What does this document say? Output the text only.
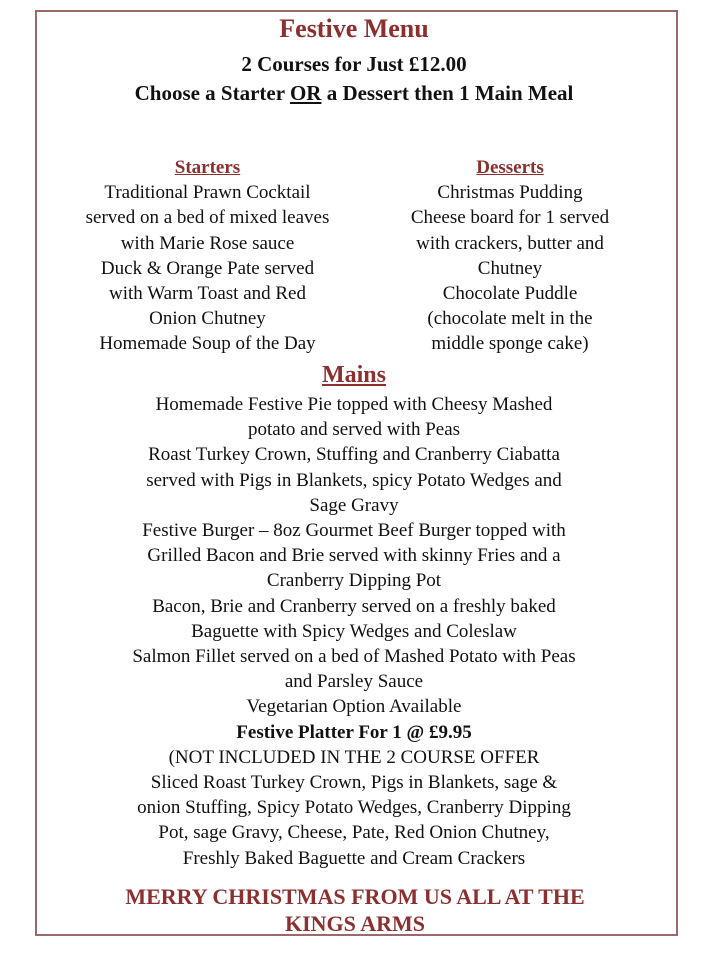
Festive Menu
2 Courses for Just £12.00
Choose a Starter OR a Dessert then 1 Main Meal
Starters
Traditional Prawn Cocktail
served on a bed of mixed leaves
with Marie Rose sauce
Duck & Orange Pate served
with Warm Toast and Red
Onion Chutney
Homemade Soup of the Day
Desserts
Christmas Pudding
Cheese board for 1 served
with crackers, butter and
Chutney
Chocolate Puddle
(chocolate melt in the
middle sponge cake)
Mains
Homemade Festive Pie topped with Cheesy Mashed
potato and served with Peas
Roast Turkey Crown, Stuffing and Cranberry Ciabatta
served with Pigs in Blankets, spicy Potato Wedges and
Sage Gravy
Festive Burger – 8oz Gourmet Beef Burger topped with
Grilled Bacon and Brie served with skinny Fries and a
Cranberry Dipping Pot
Bacon, Brie and Cranberry served on a freshly baked
Baguette with Spicy Wedges and Coleslaw
Salmon Fillet served on a bed of Mashed Potato with Peas
and Parsley Sauce
Vegetarian Option Available
Festive Platter For 1 @ £9.95
(NOT INCLUDED IN THE 2 COURSE OFFER
Sliced Roast Turkey Crown, Pigs in Blankets, sage &
onion Stuffing, Spicy Potato Wedges, Cranberry Dipping
Pot, sage Gravy, Cheese, Pate, Red Onion Chutney,
Freshly Baked Baguette and Cream Crackers
MERRY CHRISTMAS FROM US ALL AT THE
KINGS ARMS
